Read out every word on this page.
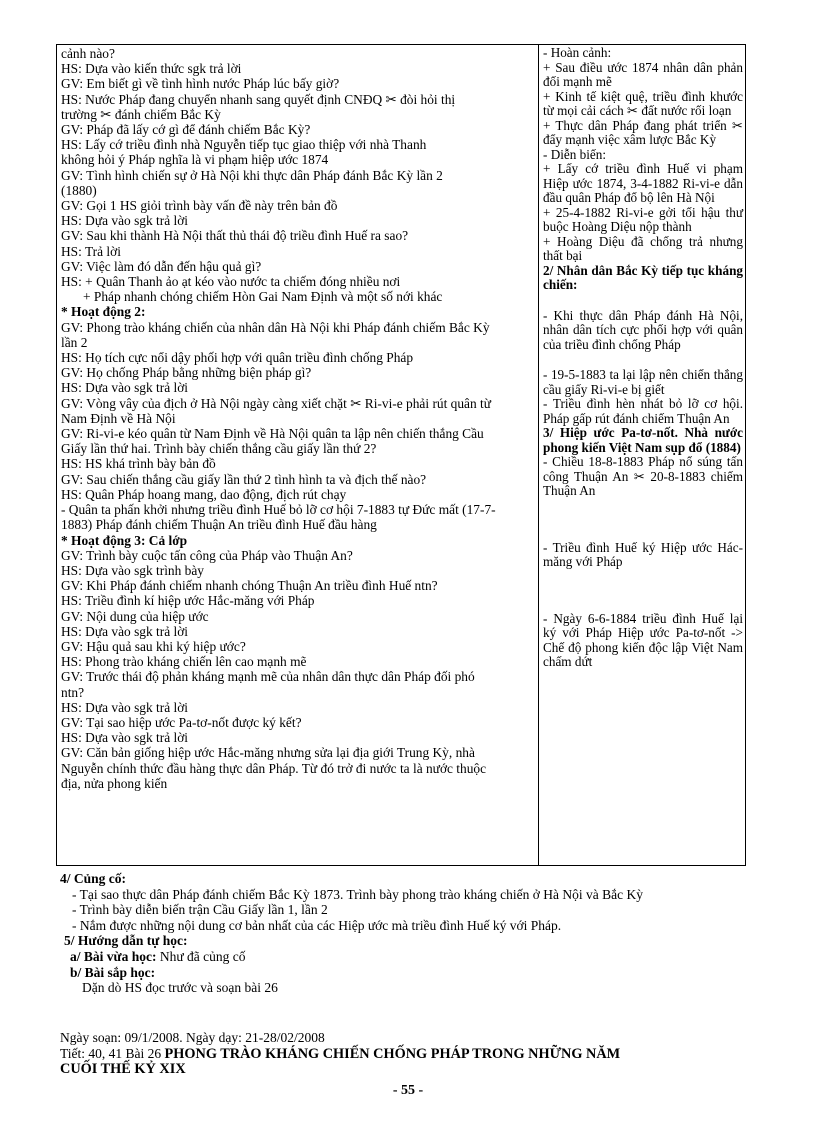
cảnh nào?
HS: Dựa vào kiến thức sgk trả lời
GV: Em biết gì về tình hình nước Pháp lúc bấy giờ?
HS: Nước Pháp đang chuyển nhanh sang quyết định CNĐQ ✂ đòi hỏi thị
trường ✂ đánh chiếm Bắc Kỳ
GV: Pháp đã lấy cớ gì để đánh chiếm Bắc Kỳ?
HS: Lấy cớ triều đình nhà Nguyễn tiếp tục giao thiệp với nhà Thanh
không hỏi ý Pháp nghĩa là vi phạm hiệp ước 1874
GV: Tình hình chiến sự ở Hà Nội khi thực dân Pháp đánh Bắc Kỳ lần 2
(1880)
GV: Gọi 1 HS giỏi trình bày vấn đề này trên bản đồ
HS: Dựa vào sgk trả lời
GV: Sau khi thành Hà Nội thất thủ thái độ triều đình Huế ra sao?
HS: Trả lời
GV: Việc làm đó dẫn đến hậu quả gì?
HS: + Quân Thanh ảo ạt kéo vào nước ta chiếm đóng nhiều nơi
+ Pháp nhanh chóng chiếm Hòn Gai Nam Định và một số nới khác
* Hoạt động 2:
GV: Phong trào kháng chiến của nhân dân Hà Nội khi Pháp đánh chiếm Bắc Kỳ
lần 2
HS: Họ tích cực nổi dậy phối hợp với quân triều đình chống Pháp
GV: Họ chống Pháp bằng những biện pháp gì?
HS: Dựa vào sgk trả lời
GV: Vòng vây của địch ở Hà Nội ngày càng xiết chặt ✂ Ri-vi-e phải rút quân từ
Nam Định về Hà Nội
GV: Ri-vi-e kéo quân từ Nam Định về Hà Nội quân ta lập nên chiến thắng Cầu
Giấy lần thứ hai. Trình bày chiến thắng cầu giấy lần thứ 2?
HS: HS khá trình bày bản đồ
GV: Sau chiến thắng cầu giấy lần thứ 2 tình hình ta và địch thế nào?
HS: Quân Pháp hoang mang, dao động, địch rút chạy
- Quân ta phấn khởi nhưng triều đình Huế bỏ lỡ cơ hội 7-1883 tự Đức mất (17-7-
1883) Pháp đánh chiếm Thuận An triều đình Huế đầu hàng
* Hoạt động 3: Cả lớp
GV: Trình bày cuộc tấn công của Pháp vào Thuận An?
HS: Dựa vào sgk trình bày
GV: Khi Pháp đánh chiếm nhanh chóng Thuận An triều đình Huế ntn?
HS: Triều đình kí hiệp ước Hắc-măng với Pháp
GV: Nội dung của hiệp ước
HS: Dựa vào sgk trả lời
GV: Hậu quả sau khi ký hiệp ước?
HS: Phong trào kháng chiến lên cao mạnh mẽ
GV: Trước thái độ phản kháng mạnh mẽ của nhân dân thực dân Pháp đối phó
ntn?
HS: Dựa vào sgk trả lời
GV: Tại sao hiệp ước Pa-tơ-nốt được ký kết?
HS: Dựa vào sgk trả lời
GV: Căn bản giống hiệp ước Hắc-măng nhưng sửa lại địa giới Trung Kỳ, nhà
Nguyễn chính thức đầu hàng thực dân Pháp. Từ đó trở đi nước ta là nước thuộc
địa, nửa phong kiến
- Hoàn cảnh:
+ Sau điều ước 1874 nhân dân phản đối mạnh mẽ
+ Kinh tế kiệt quệ, triều đình khước từ mọi cải cách ✂ đất nước rối loạn
+ Thực dân Pháp đang phát triển ✂ đẩy mạnh việc xâm lược Bắc Kỳ
- Diễn biến:
+ Lấy cớ triều đình Huế vi phạm Hiệp ước 1874, 3-4-1882 Ri-vi-e dẫn đầu quân Pháp đổ bộ lên Hà Nội
+ 25-4-1882 Ri-vi-e gởi tối hậu thư buộc Hoàng Diệu nộp thành
+ Hoàng Diệu đã chống trả nhưng thất bại
2/ Nhân dân Bắc Kỳ tiếp tục kháng chiến:
- Khi thực dân Pháp đánh Hà Nội, nhân dân tích cực phối hợp với quân của triều đình chống Pháp
- 19-5-1883 ta lại lập nên chiến thắng cầu giấy Ri-vi-e bị giết
- Triều đình hèn nhát bỏ lỡ cơ hội. Pháp gấp rút đánh chiếm Thuận An
3/ Hiệp ước Pa-tơ-nốt. Nhà nước phong kiến Việt Nam sụp đổ (1884)
- Chiều 18-8-1883 Pháp nổ súng tấn công Thuận An ✂ 20-8-1883 chiếm Thuận An
- Triều đình Huế ký Hiệp ước Hác-măng với Pháp
- Ngày 6-6-1884 triều đình Huế lại ký với Pháp Hiệp ước Pa-tơ-nốt -> Chế độ phong kiến độc lập Việt Nam chấm dứt
4/ Củng cố:
- Tại sao thực dân Pháp đánh chiếm Bắc Kỳ 1873. Trình bày phong trào kháng chiến ở Hà Nội và Bắc Kỳ
- Trình bày diễn biến trận Cầu Giấy lần 1, lần 2
- Nắm được những nội dung cơ bản nhất của các Hiệp ước mà triều đình Huế ký với Pháp.
5/ Hướng dẫn tự học:
a/ Bài vừa học: Như đã củng cố
b/ Bài sắp học:
Dặn dò HS đọc trước và soạn bài 26
Ngày soạn: 09/1/2008. Ngày dạy: 21-28/02/2008
Tiết: 40, 41 Bài 26 PHONG TRÀO KHÁNG CHIẾN CHỐNG PHÁP TRONG NHỮNG NĂM
CUỐI THẾ KỶ XIX
- 55 -
